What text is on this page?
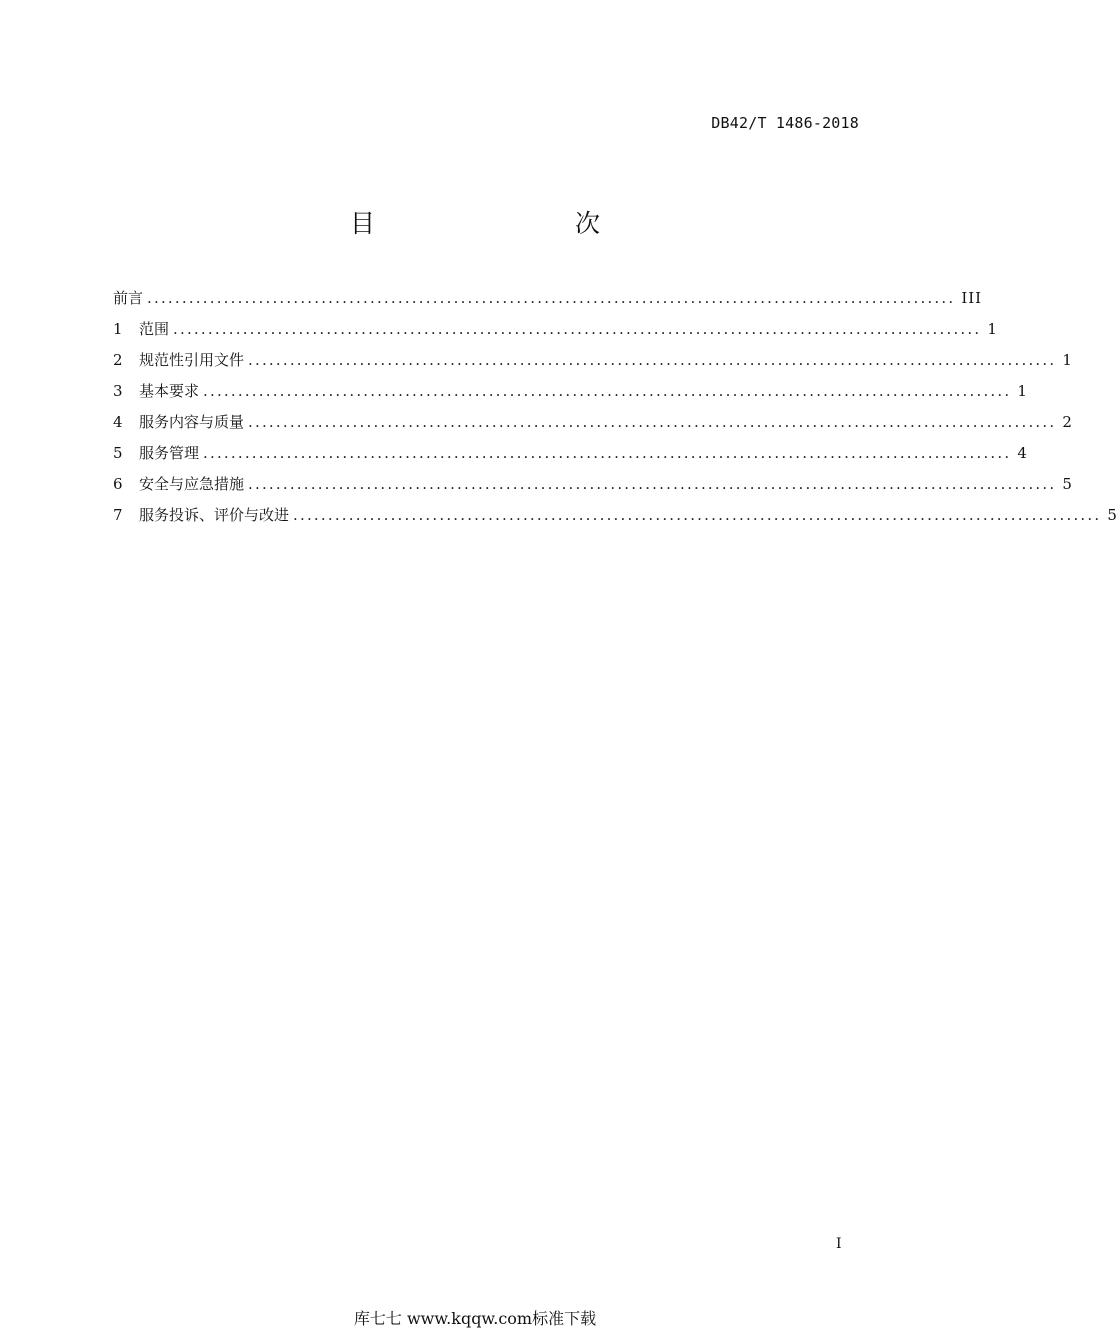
DB42/T 1486-2018
目　　次
前言 .................................................................................................................... III
1	范围 .................................................................................................................... 1
2	规范性引用文件 .................................................................................................................... 1
3	基本要求 .................................................................................................................... 1
4	服务内容与质量 .................................................................................................................... 2
5	服务管理 .................................................................................................................... 4
6	安全与应急措施 .................................................................................................................... 5
7	服务投诉、评价与改进 .................................................................................................................... 5
I
库七七 www.kqqw.com标准下载
